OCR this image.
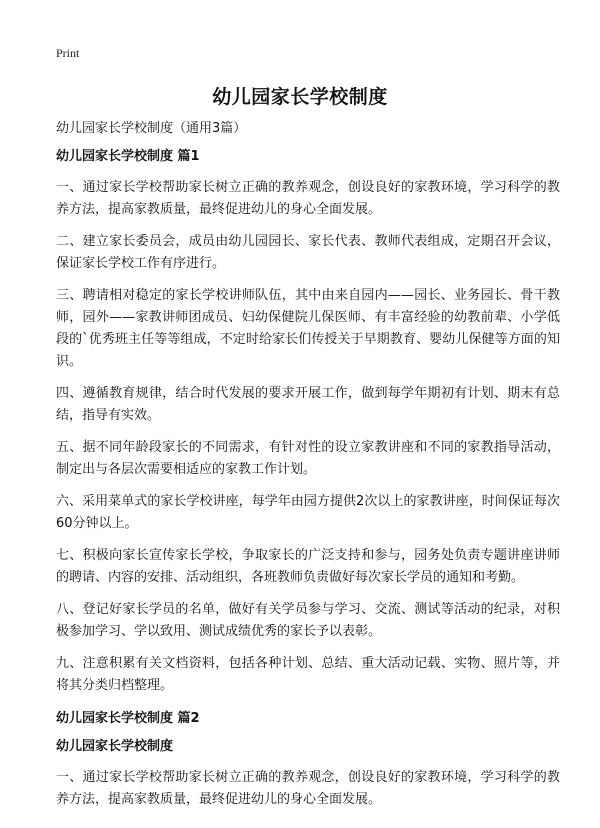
Print
幼儿园家长学校制度
幼儿园家长学校制度（通用3篇）
幼儿园家长学校制度 篇1

一、通过家长学校帮助家长树立正确的教养观念，创设良好的家教环境，学习科学的教养方法，提高家教质量，最终促进幼儿的身心全面发展。

二、建立家长委员会，成员由幼儿园园长、家长代表、教师代表组成，定期召开会议，保证家长学校工作有序进行。

三、聘请相对稳定的家长学校讲师队伍，其中由来自园内——园长、业务园长、骨干教师，园外——家教讲师团成员、妇幼保健院儿保医师、有丰富经验的幼教前辈、小学低段的`优秀班主任等等组成，不定时给家长们传授关于早期教育、婴幼儿保健等方面的知识。

四、遵循教育规律，结合时代发展的要求开展工作，做到每学年期初有计划、期末有总结，指导有实效。

五、据不同年龄段家长的不同需求，有针对性的设立家教讲座和不同的家教指导活动，制定出与各层次需要相适应的家教工作计划。

六、采用菜单式的家长学校讲座，每学年由园方提供2次以上的家教讲座，时间保证每次60分钟以上。

七、积极向家长宣传家长学校，争取家长的广泛支持和参与，园务处负责专题讲座讲师的聘请、内容的安排、活动组织，各班教师负责做好每次家长学员的通知和考勤。

八、登记好家长学员的名单，做好有关学员参与学习、交流、测试等活动的纪录，对积极参加学习、学以致用、测试成绩优秀的家长予以表彰。

九、注意积累有关文档资料，包括各种计划、总结、重大活动记载、实物、照片等，并将其分类归档整理。

幼儿园家长学校制度 篇2
幼儿园家长学校制度

一、通过家长学校帮助家长树立正确的教养观念，创设良好的家教环境，学习科学的教养方法，提高家教质量，最终促进幼儿的身心全面发展。
